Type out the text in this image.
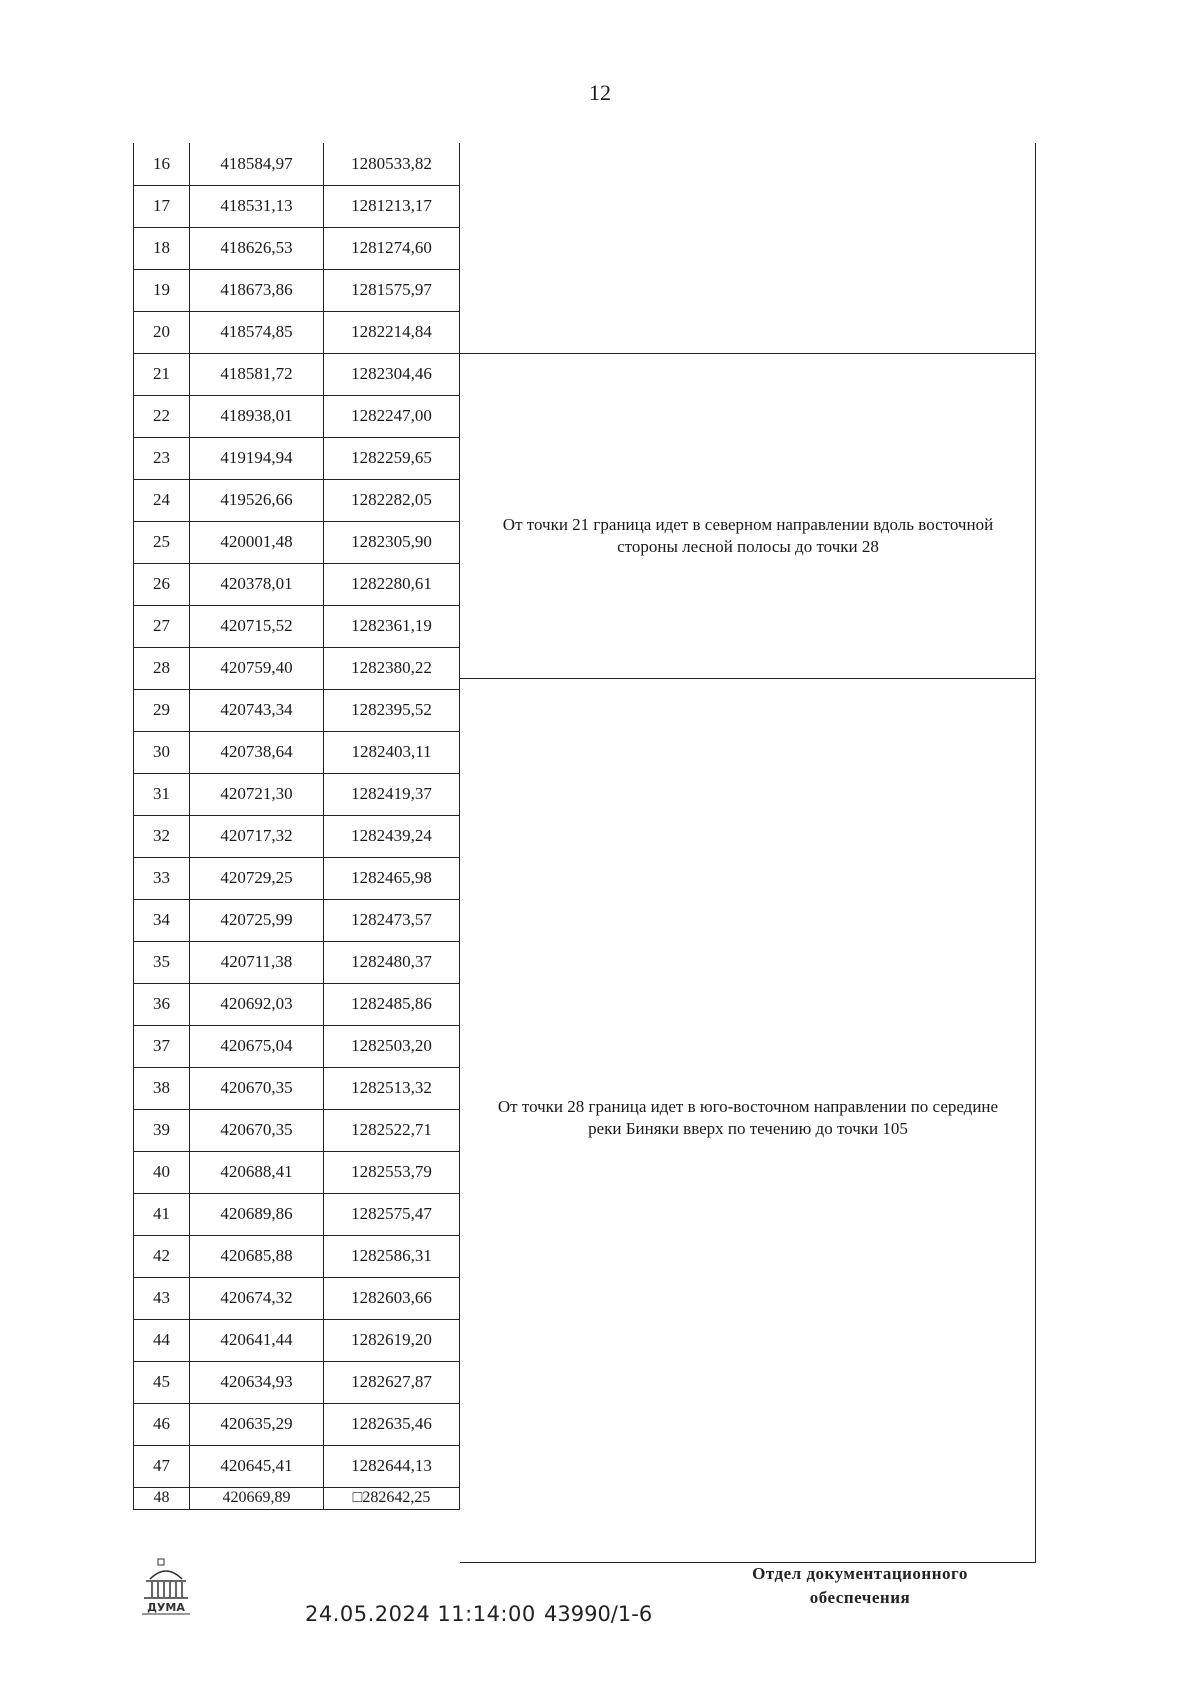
12
16	418584,97	1280533,82
17	418531,13	1281213,17
18	418626,53	1281274,60
19	418673,86	1281575,97
20	418574,85	1282214,84
21	418581,72	1282304,46
22	418938,01	1282247,00
23	419194,94	1282259,65
24	419526,66	1282282,05
25	420001,48	1282305,90
26	420378,01	1282280,61
27	420715,52	1282361,19
28	420759,40	1282380,22
29	420743,34	1282395,52
30	420738,64	1282403,11
31	420721,30	1282419,37
32	420717,32	1282439,24
33	420729,25	1282465,98
34	420725,99	1282473,57
35	420711,38	1282480,37
36	420692,03	1282485,86
37	420675,04	1282503,20
38	420670,35	1282513,32
39	420670,35	1282522,71
40	420688,41	1282553,79
41	420689,86	1282575,47
42	420685,88	1282586,31
43	420674,32	1282603,66
44	420641,44	1282619,20
45	420634,93	1282627,87
46	420635,29	1282635,46
47	420645,41	1282644,13
48	420669,89	□282642,25
От точки 21 граница идет в северном направлении вдоль восточной стороны лесной полосы до точки 28
От точки 28 граница идет в юго-восточном направлении по середине реки Биняки вверх по течению до точки 105
ДУМА	24.05.2024 11:14:00 43990/1-6
Отдел документационного
обеспечения
